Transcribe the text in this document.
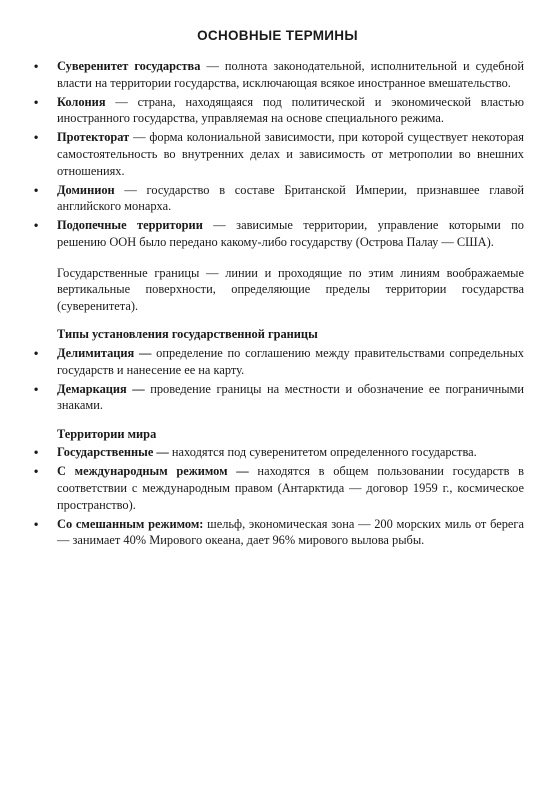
ОСНОВНЫЕ ТЕРМИНЫ
• Суверенитет государства — полнота законодательной, исполнительной и судебной власти на территории государства, исключающая всякое иностранное вмешательство.
• Колония — страна, находящаяся под политической и экономической властью иностранного государства, управляемая на основе специального режима.
• Протекторат — форма колониальной зависимости, при которой существует некоторая самостоятельность во внутренних делах и зависимость от метрополии во внешних отношениях.
• Доминион — государство в составе Британской Империи, признавшее главой английского монарха.
• Подопечные территории — зависимые территории, управление которыми по решению ООН было передано какому-либо государству (Острова Палау — США).

Государственные границы — линии и проходящие по этим линиям воображаемые вертикальные поверхности, определяющие пределы территории государства (суверенитета).

Типы установления государственной границы
• Делимитация — определение по соглашению между правительствами сопредельных государств и нанесение ее на карту.
• Демаркация — проведение границы на местности и обозначение ее пограничными знаками.
Территории мира
• Государственные — находятся под суверенитетом определенного государства.
• С международным режимом — находятся в общем пользовании государств в соответствии с международным правом (Антарктида — договор 1959 г., космическое пространство).
• Со смешанным режимом: шельф, экономическая зона — 200 морских миль от берега — занимает 40% Мирового океана, дает 96% мирового вылова рыбы.
